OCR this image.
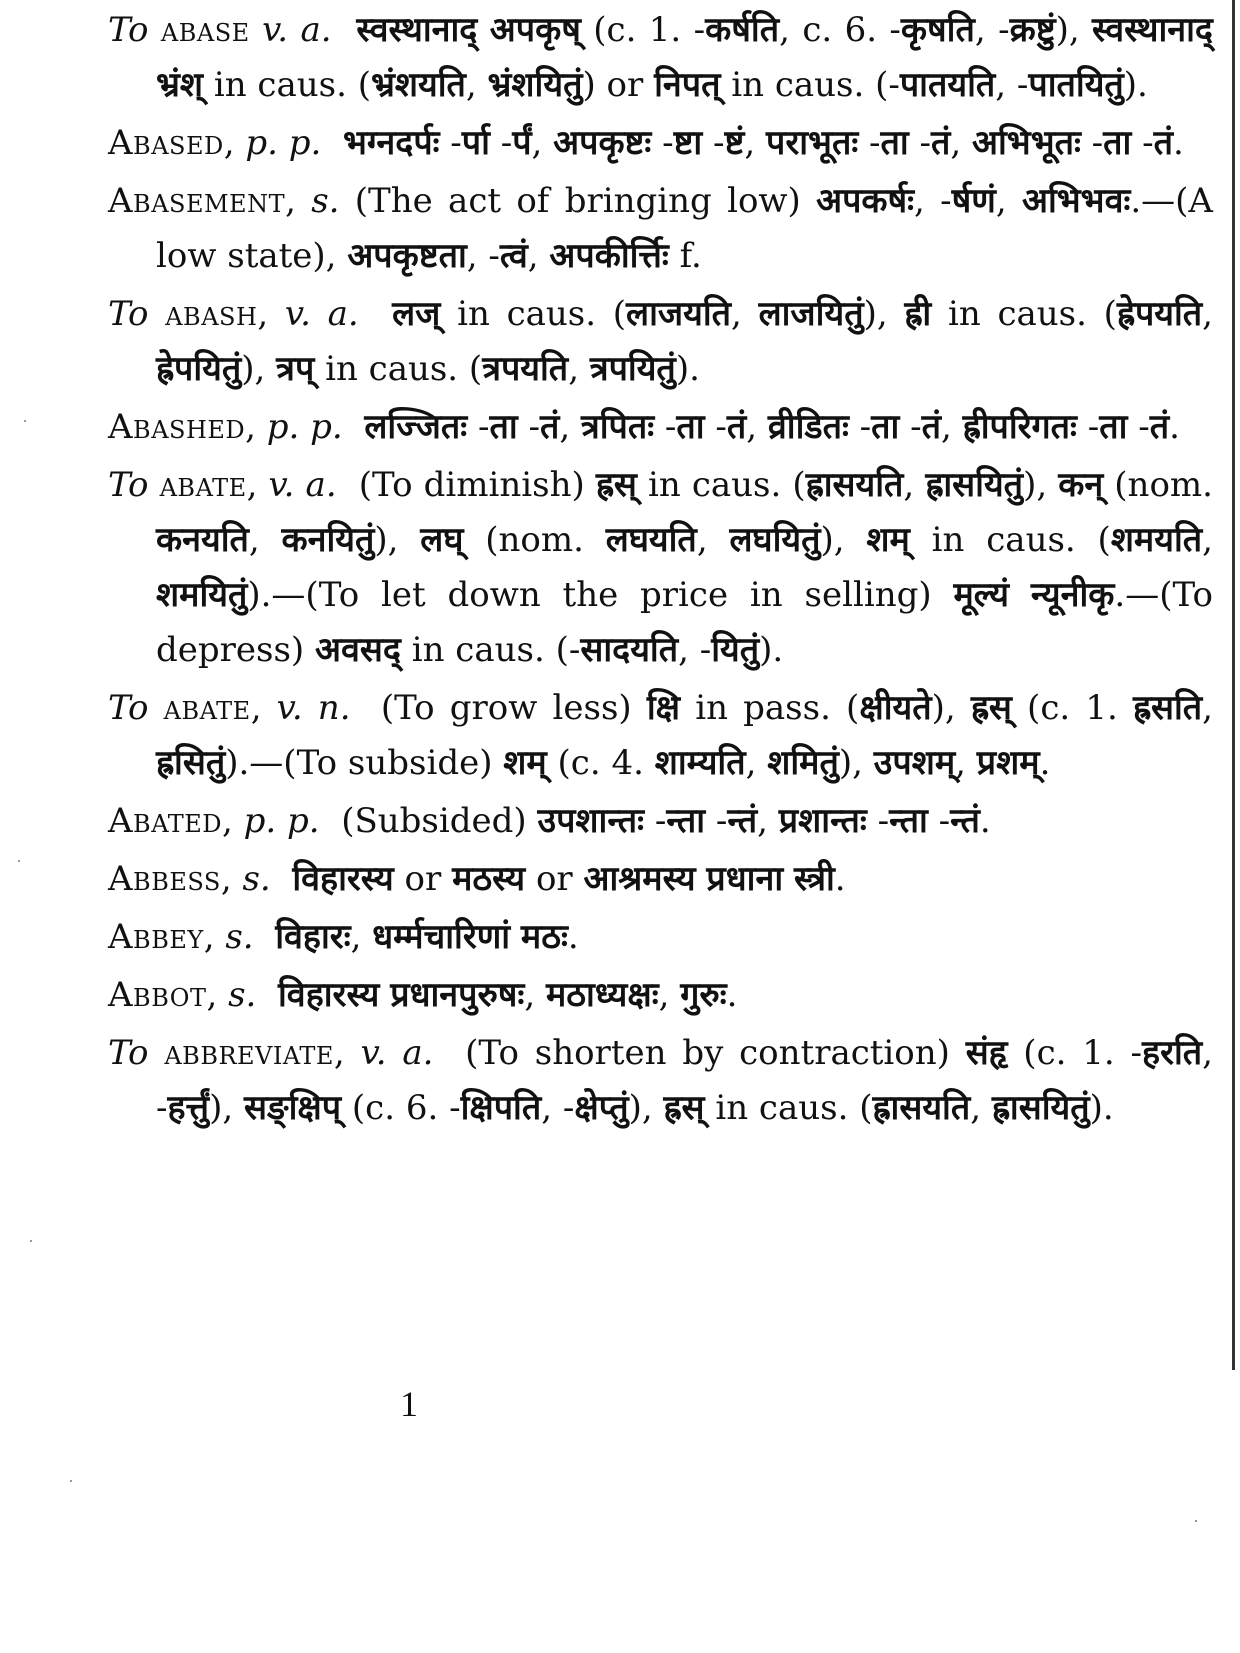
To abase v. a. स्वस्थानाद् अपकृष् (c. 1. -कर्षति, c. 6. -कृषति, -क्रष्टुं), स्वस्थानाद् भ्रंश् in caus. (भ्रंशयति, भ्रंशयितुं) or निपत् in caus. (-पातयति, -पातयितुं).

Abased, p. p. भग्नदर्पः -र्पा -र्पं, अपकृष्टः -ष्टा -ष्टं, पराभूतः -ता -तं, अभिभूतः -ता -तं.

Abasement, s. (The act of bringing low) अपकर्षः, -र्षणं, अभिभवः.—(A low state), अपकृष्टता, -त्वं, अपकीर्त्तिः f.

To abash, v. a. लज् in caus. (लाजयति, लाजयितुं), ह्री in caus. (ह्रेपयति, ह्रेपयितुं), त्रप् in caus. (त्रपयति, त्रपयितुं).

Abashed, p. p. लज्जितः -ता -तं, त्रपितः -ता -तं, व्रीडितः -ता -तं, ह्रीपरिगतः -ता -तं.

To abate, v. a. (To diminish) ह्रस् in caus. (ह्रासयति, ह्रासयितुं), कन् (nom. कनयति, कनयितुं), लघ् (nom. लघयति, लघयितुं), शम् in caus. (शमयति, शमयितुं).—(To let down the price in selling) मूल्यं न्यूनीकृ.—(To depress) अवसद् in caus. (-सादयति, -यितुं).

To abate, v. n. (To grow less) क्षि in pass. (क्षीयते), ह्रस् (c. 1. ह्रसति, ह्रसितुं).—(To subside) शम् (c. 4. शाम्यति, शमितुं), उपशम्, प्रशम्.

Abated, p. p. (Subsided) उपशान्तः -न्ता -न्तं, प्रशान्तः -न्ता -न्तं.

Abbess, s. विहारस्य or मठस्य or आश्रमस्य प्रधाना स्त्री.

Abbey, s. विहारः, धर्म्मचारिणां मठः.

Abbot, s. विहारस्य प्रधानपुरुषः, मठाध्यक्षः, गुरुः.

To abbreviate, v. a. (To shorten by contraction) संहृ (c. 1. -हरति, -हर्त्तुं), सङ्क्षिप् (c. 6. -क्षिपति, -क्षेप्तुं), ह्रस् in caus. (ह्रासयति, ह्रासयितुं).

1
